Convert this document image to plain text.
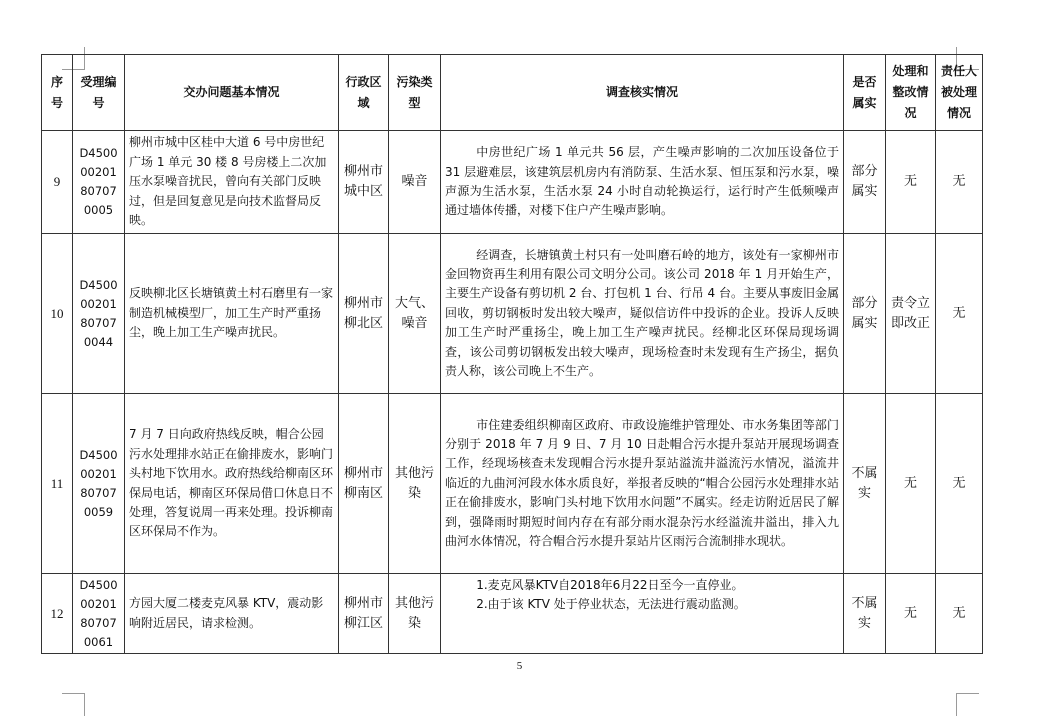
序号	受理编号	交办问题基本情况	行政区域	污染类型	调查核实情况	是否属实	处理和整改情况	责任人被处理情况
9	D450000201807070005	柳州市城中区桂中大道 6 号中房世纪广场 1 单元 30 楼 8 号房楼上二次加压水泵噪音扰民，曾向有关部门反映过，但是回复意见是向技术监督局反映。	柳州市城中区	噪音	中房世纪广场 1 单元共 56 层，产生噪声影响的二次加压设备位于 31 层避难层，该建筑层机房内有消防泵、生活水泵、恒压泵和污水泵，噪声源为生活水泵，生活水泵 24 小时自动轮换运行，运行时产生低频噪声通过墙体传播，对楼下住户产生噪声影响。	部分属实	无	无
10	D450000201807070044	反映柳北区长塘镇黄土村石磨里有一家制造机械模型厂，加工生产时严重扬尘，晚上加工生产噪声扰民。	柳州市柳北区	大气、噪音	经调查，长塘镇黄土村只有一处叫磨石岭的地方，该处有一家柳州市金回物资再生利用有限公司文明分公司。该公司 2018 年 1 月开始生产，主要生产设备有剪切机 2 台、打包机 1 台、行吊 4 台。主要从事废旧金属回收，剪切钢板时发出较大噪声，疑似信访件中投诉的企业。投诉人反映加工生产时严重扬尘，晚上加工生产噪声扰民。经柳北区环保局现场调查，该公司剪切钢板发出较大噪声，现场检查时未发现有生产扬尘，据负责人称，该公司晚上不生产。	部分属实	责令立即改正	无
11	D450000201807070059	7 月 7 日向政府热线反映，帽合公园污水处理排水站正在偷排废水，影响门头村地下饮用水。政府热线给柳南区环保局电话，柳南区环保局借口休息日不处理，答复说周一再来处理。投诉柳南区环保局不作为。	柳州市柳南区	其他污染	市住建委组织柳南区政府、市政设施维护管理处、市水务集团等部门分别于 2018 年 7 月 9 日、7 月 10 日赴帽合污水提升泵站开展现场调查工作，经现场核查未发现帽合污水提升泵站溢流井溢流污水情况，溢流井临近的九曲河河段水体水质良好，举报者反映的“帽合公园污水处理排水站正在偷排废水，影响门头村地下饮用水问题”不属实。经走访附近居民了解到，强降雨时期短时间内存在有部分雨水混杂污水经溢流井溢出，排入九曲河水体情况，符合帽合污水提升泵站片区雨污合流制排水现状。	不属实	无	无
12	D450000201807070061	方园大厦二楼麦克风暴 KTV，震动影响附近居民，请求检测。	柳州市柳江区	其他污染	1.麦克风暴KTV自2018年6月22日至今一直停业。

2.由于该 KTV 处于停业状态，无法进行震动监测。	不属实	无	无
5
